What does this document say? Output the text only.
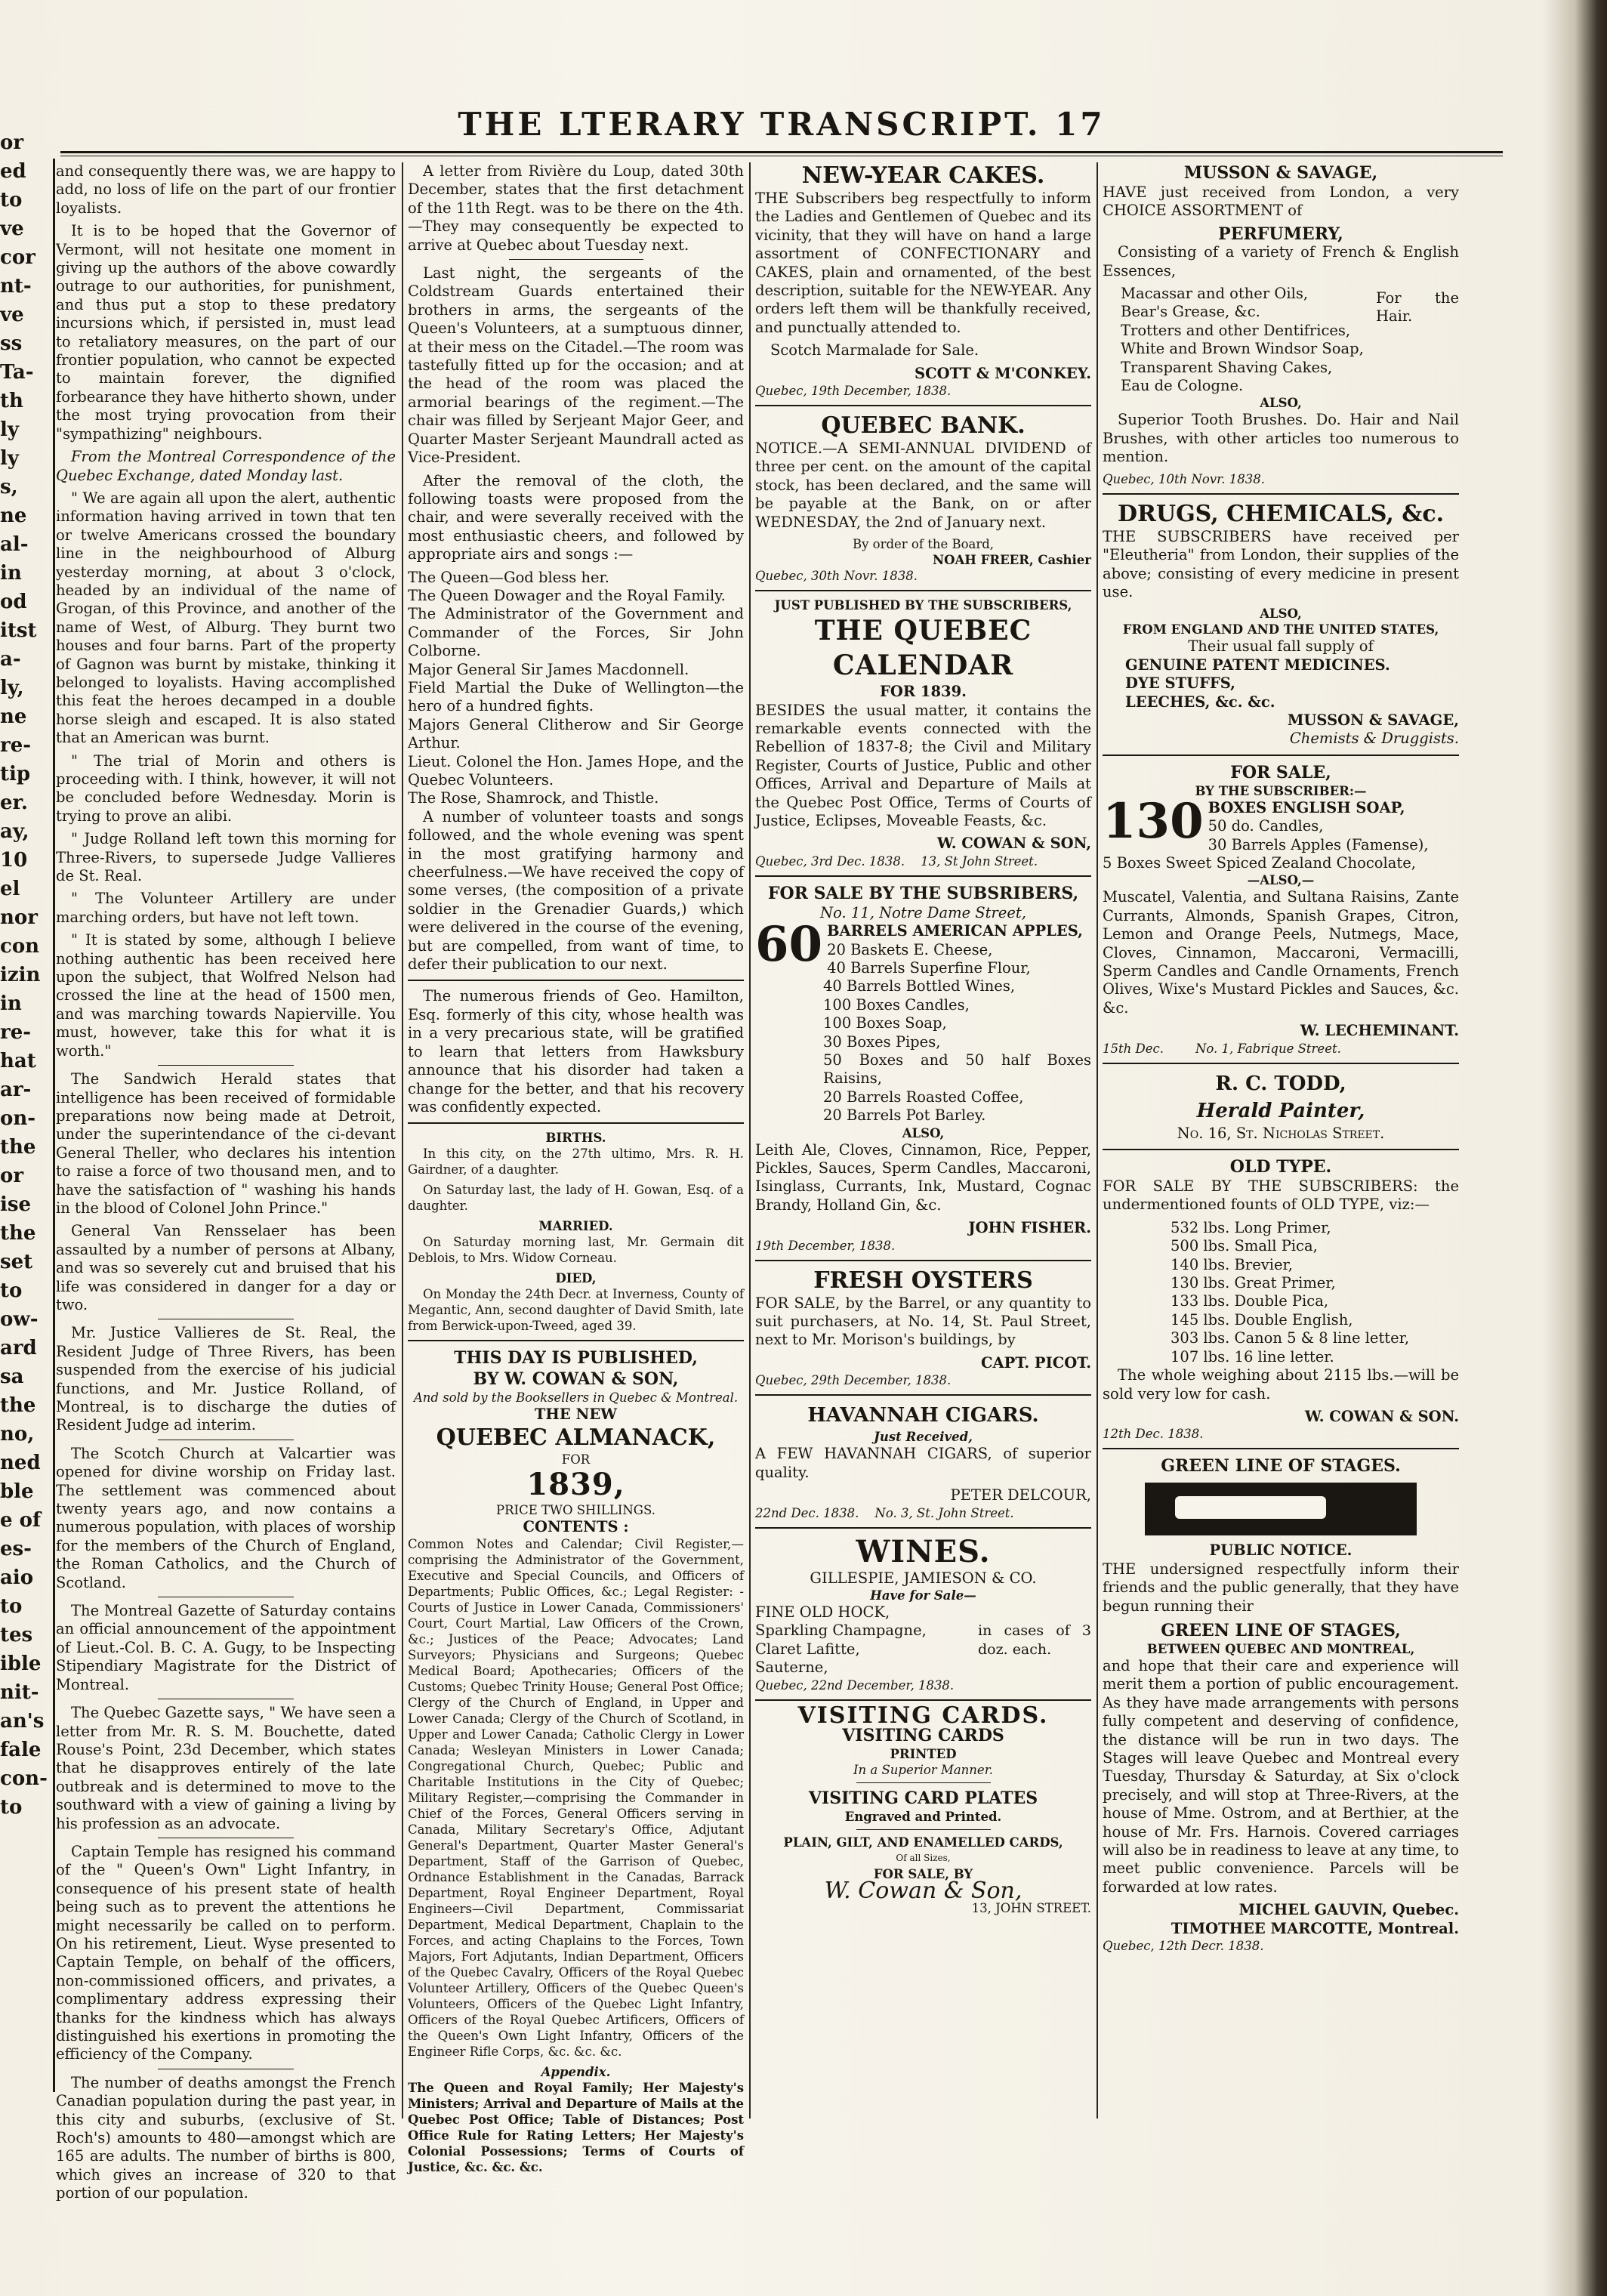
or
ed
to
ve
cor
nt-
ve
ss
Ta-
th
ly
ly
s,
ne
al-
in
od
itst
a-
ly,
ne
re-
tip
er.
ay,
10
el
nor
con
izin
in
re-
hat
ar-
on-
the
or
ise
the
set
to
ow-
ard
sa
the
no,
ned
ble
e of
es-
aio
to
tes
ible
nit-
an's
fale
con-
to
THE LTERARY TRANSCRIPT. 17

and consequently there was, we are happy to add, no loss of life on the part of our frontier loyalists.

It is to be hoped that the Governor of Vermont, will not hesitate one moment in giving up the authors of the above cowardly outrage to our authorities, for punishment, and thus put a stop to these predatory incursions which, if persisted in, must lead to retaliatory measures, on the part of our frontier population, who cannot be expected to maintain forever, the dignified forbearance they have hitherto shown, under the most trying provocation from their "sympathizing" neighbours.

From the Montreal Correspondence of the Quebec Exchange, dated Monday last.

" We are again all upon the alert, authentic information having arrived in town that ten or twelve Americans crossed the boundary line in the neighbourhood of Alburg yesterday morning, at about 3 o'clock, headed by an individual of the name of Grogan, of this Province, and another of the name of West, of Alburg. They burnt two houses and four barns. Part of the property of Gagnon was burnt by mistake, thinking it belonged to loyalists. Having accomplished this feat the heroes decamped in a double horse sleigh and escaped. It is also stated that an American was burnt.

" The trial of Morin and others is proceeding with. I think, however, it will not be concluded before Wednesday. Morin is trying to prove an alibi.

" Judge Rolland left town this morning for Three-Rivers, to supersede Judge Vallieres de St. Real.

" The Volunteer Artillery are under marching orders, but have not left town.

" It is stated by some, although I believe nothing authentic has been received here upon the subject, that Wolfred Nelson had crossed the line at the head of 1500 men, and was marching towards Napierville. You must, however, take this for what it is worth."

The Sandwich Herald states that intelligence has been received of formidable preparations now being made at Detroit, under the superintendance of the ci-devant General Theller, who declares his intention to raise a force of two thousand men, and to have the satisfaction of " washing his hands in the blood of Colonel John Prince."

General Van Rensselaer has been assaulted by a number of persons at Albany, and was so severely cut and bruised that his life was considered in danger for a day or two.

Mr. Justice Vallieres de St. Real, the Resident Judge of Three Rivers, has been suspended from the exercise of his judicial functions, and Mr. Justice Rolland, of Montreal, is to discharge the duties of Resident Judge ad interim.

The Scotch Church at Valcartier was opened for divine worship on Friday last. The settlement was commenced about twenty years ago, and now contains a numerous population, with places of worship for the members of the Church of England, the Roman Catholics, and the Church of Scotland.

The Montreal Gazette of Saturday contains an official announcement of the appointment of Lieut.-Col. B. C. A. Gugy, to be Inspecting Stipendiary Magistrate for the District of Montreal.

The Quebec Gazette says, " We have seen a letter from Mr. R. S. M. Bouchette, dated Rouse's Point, 23d December, which states that he disapproves entirely of the late outbreak and is determined to move to the southward with a view of gaining a living by his profession as an advocate.

Captain Temple has resigned his command of the " Queen's Own" Light Infantry, in consequence of his present state of health being such as to prevent the attentions he might necessarily be called on to perform. On his retirement, Lieut. Wyse presented to Captain Temple, on behalf of the officers, non-commissioned officers, and privates, a complimentary address expressing their thanks for the kindness which has always distinguished his exertions in promoting the efficiency of the Company.

The number of deaths amongst the French Canadian population during the past year, in this city and suburbs, (exclusive of St. Roch's) amounts to 480—amongst which are 165 are adults. The number of births is 800, which gives an increase of 320 to that portion of our population.

A letter from Rivière du Loup, dated 30th December, states that the first detachment of the 11th Regt. was to be there on the 4th.—They may consequently be expected to arrive at Quebec about Tuesday next.

Last night, the sergeants of the Coldstream Guards entertained their brothers in arms, the sergeants of the Queen's Volunteers, at a sumptuous dinner, at their mess on the Citadel.—The room was tastefully fitted up for the occasion; and at the head of the room was placed the armorial bearings of the regiment.—The chair was filled by Serjeant Major Geer, and Quarter Master Serjeant Maundrall acted as Vice-President.

After the removal of the cloth, the following toasts were proposed from the chair, and were severally received with the most enthusiastic cheers, and followed by appropriate airs and songs :—

The Queen—God bless her.
The Queen Dowager and the Royal Family.
The Administrator of the Government and Commander of the Forces, Sir John Colborne.
Major General Sir James Macdonnell.
Field Martial the Duke of Wellington—the hero of a hundred fights.
Majors General Clitherow and Sir George Arthur.
Lieut. Colonel the Hon. James Hope, and the Quebec Volunteers.
The Rose, Shamrock, and Thistle.

A number of volunteer toasts and songs followed, and the whole evening was spent in the most gratifying harmony and cheerfulness.—We have received the copy of some verses, (the composition of a private soldier in the Grenadier Guards,) which were delivered in the course of the evening, but are compelled, from want of time, to defer their publication to our next.

The numerous friends of Geo. Hamilton, Esq. formerly of this city, whose health was in a very precarious state, will be gratified to learn that letters from Hawksbury announce that his disorder had taken a change for the better, and that his recovery was confidently expected.

BIRTHS.

In this city, on the 27th ultimo, Mrs. R. H. Gairdner, of a daughter.

On Saturday last, the lady of H. Gowan, Esq. of a daughter.

MARRIED.

On Saturday morning last, Mr. Germain dit Deblois, to Mrs. Widow Corneau.

DIED,

On Monday the 24th Decr. at Inverness, County of Megantic, Ann, second daughter of David Smith, late from Berwick-upon-Tweed, aged 39.

THIS DAY IS PUBLISHED,
BY W. COWAN & SON,
And sold by the Booksellers in Quebec & Montreal.
THE NEW
QUEBEC ALMANACK,
FOR
1839,
PRICE TWO SHILLINGS.
CONTENTS :

Common Notes and Calendar; Civil Register,—comprising the Administrator of the Government, Executive and Special Councils, and Officers of Departments; Public Offices, &c.; Legal Register: - Courts of Justice in Lower Canada, Commissioners' Court, Court Martial, Law Officers of the Crown, &c.; Justices of the Peace; Advocates; Land Surveyors; Physicians and Surgeons; Quebec Medical Board; Apothecaries; Officers of the Customs; Quebec Trinity House; General Post Office; Clergy of the Church of England, in Upper and Lower Canada; Clergy of the Church of Scotland, in Upper and Lower Canada; Catholic Clergy in Lower Canada; Wesleyan Ministers in Lower Canada; Congregational Church, Quebec; Public and Charitable Institutions in the City of Quebec; Military Register,—comprising the Commander in Chief of the Forces, General Officers serving in Canada, Military Secretary's Office, Adjutant General's Department, Quarter Master General's Department, Staff of the Garrison of Quebec, Ordnance Establishment in the Canadas, Barrack Department, Royal Engineer Department, Royal Engineers—Civil Department, Commissariat Department, Medical Department, Chaplain to the Forces, and acting Chaplains to the Forces, Town Majors, Fort Adjutants, Indian Department, Officers of the Quebec Cavalry, Officers of the Royal Quebec Volunteer Artillery, Officers of the Quebec Queen's Volunteers, Officers of the Quebec Light Infantry, Officers of the Royal Quebec Artificers, Officers of the Queen's Own Light Infantry, Officers of the Engineer Rifle Corps, &c. &c. &c.

Appendix.

The Queen and Royal Family; Her Majesty's Ministers; Arrival and Departure of Mails at the Quebec Post Office; Table of Distances; Post Office Rule for Rating Letters; Her Majesty's Colonial Possessions; Terms of Courts of Justice, &c. &c. &c.

NEW-YEAR CAKES.

THE Subscribers beg respectfully to inform the Ladies and Gentlemen of Quebec and its vicinity, that they will have on hand a large assortment of CONFECTIONARY and CAKES, plain and ornamented, of the best description, suitable for the NEW-YEAR. Any orders left them will be thankfully received, and punctually attended to.

Scotch Marmalade for Sale.

SCOTT & M'CONKEY.
Quebec, 19th December, 1838.
QUEBEC BANK.

NOTICE.—A SEMI-ANNUAL DIVIDEND of three per cent. on the amount of the capital stock, has been declared, and the same will be payable at the Bank, on or after WEDNESDAY, the 2nd of January next.

By order of the Board,
NOAH FREER, Cashier
Quebec, 30th Novr. 1838.
JUST PUBLISHED BY THE SUBSCRIBERS,
THE QUEBEC CALENDAR
FOR 1839.

BESIDES the usual matter, it contains the remarkable events connected with the Rebellion of 1837-8; the Civil and Military Register, Courts of Justice, Public and other Offices, Arrival and Departure of Mails at the Quebec Post Office, Terms of Courts of Justice, Eclipses, Moveable Feasts, &c.

W. COWAN & SON,
Quebec, 3rd Dec. 1838. 13, St John Street.
FOR SALE BY THE SUBSRIBERS,
No. 11, Notre Dame Street,
60 BARRELS AMERICAN APPLES,
20 Baskets E. Cheese,
40 Barrels Superfine Flour,
40 Barrels Bottled Wines,
100 Boxes Candles,
100 Boxes Soap,
30 Boxes Pipes,
50 Boxes and 50 half Boxes Raisins,
20 Barrels Roasted Coffee,
20 Barrels Pot Barley.
ALSO,

Leith Ale, Cloves, Cinnamon, Rice, Pepper, Pickles, Sauces, Sperm Candles, Maccaroni, Isinglass, Currants, Ink, Mustard, Cognac Brandy, Holland Gin, &c.

JOHN FISHER.
19th December, 1838.
FRESH OYSTERS

FOR SALE, by the Barrel, or any quantity to suit purchasers, at No. 14, St. Paul Street, next to Mr. Morison's buildings, by

CAPT. PICOT.
Quebec, 29th December, 1838.
HAVANNAH CIGARS.
Just Received,

A FEW HAVANNAH CIGARS, of superior quality.

PETER DELCOUR,
22nd Dec. 1838. No. 3, St. John Street.
WINES.
GILLESPIE, JAMIESON & CO.
Have for Sale—
FINE OLD HOCK,
Sparkling Champagne,
Claret Lafitte,
Sauterne,
in cases of 3 doz. each.
Quebec, 22nd December, 1838.
VISITING CARDS.
VISITING CARDS
PRINTED
In a Superior Manner.
VISITING CARD PLATES
Engraved and Printed.
PLAIN, GILT, AND ENAMELLED CARDS,
Of all Sizes,
FOR SALE, BY
W. Cowan & Son,
13, JOHN STREET.
MUSSON & SAVAGE,

HAVE just received from London, a very CHOICE ASSORTMENT of

PERFUMERY,

Consisting of a variety of French & English Essences,

Macassar and other Oils,
Bear's Grease, &c.
Trotters and other Dentifrices,
White and Brown Windsor Soap,
Transparent Shaving Cakes,
Eau de Cologne.
For the Hair.
ALSO,

Superior Tooth Brushes. Do. Hair and Nail Brushes, with other articles too numerous to mention.

Quebec, 10th Novr. 1838.
DRUGS, CHEMICALS, &c.

THE SUBSCRIBERS have received per "Eleutheria" from London, their supplies of the above; consisting of every medicine in present use.

ALSO,
FROM ENGLAND AND THE UNITED STATES,
Their usual fall supply of
GENUINE PATENT MEDICINES.
DYE STUFFS,
LEECHES, &c. &c.
MUSSON & SAVAGE,
Chemists & Druggists.
FOR SALE,
BY THE SUBSCRIBER:—
130 BOXES ENGLISH SOAP,
50 do. Candles,
30 Barrels Apples (Famense),
5 Boxes Sweet Spiced Zealand Chocolate,
—ALSO,—

Muscatel, Valentia, and Sultana Raisins, Zante Currants, Almonds, Spanish Grapes, Citron, Lemon and Orange Peels, Nutmegs, Mace, Cloves, Cinnamon, Maccaroni, Vermacilli, Sperm Candles and Candle Ornaments, French Olives, Wixe's Mustard Pickles and Sauces, &c. &c.

W. LECHEMINANT.
15th Dec.	No. 1, Fabrique Street.
R. C. TODD,
Herald Painter,
No. 16, St. Nicholas Street.
OLD TYPE.

FOR SALE BY THE SUBSCRIBERS: the undermentioned founts of OLD TYPE, viz:—

532 lbs. Long Primer,
500 lbs. Small Pica,
140 lbs. Brevier,
130 lbs. Great Primer,
133 lbs. Double Pica,
145 lbs. Double English,
303 lbs. Canon 5 & 8 line letter,
107 lbs. 16 line letter.

The whole weighing about 2115 lbs.—will be sold very low for cash.

W. COWAN & SON.
12th Dec. 1838.
GREEN LINE OF STAGES.
PUBLIC NOTICE.

THE undersigned respectfully inform their friends and the public generally, that they have begun running their

GREEN LINE OF STAGES,
BETWEEN QUEBEC AND MONTREAL,

and hope that their care and experience will merit them a portion of public encouragement. As they have made arrangements with persons fully competent and deserving of confidence, the distance will be run in two days. The Stages will leave Quebec and Montreal every Tuesday, Thursday & Saturday, at Six o'clock precisely, and will stop at Three-Rivers, at the house of Mme. Ostrom, and at Berthier, at the house of Mr. Frs. Harnois. Covered carriages will also be in readiness to leave at any time, to meet public convenience. Parcels will be forwarded at low rates.

MICHEL GAUVIN, Quebec.
TIMOTHEE MARCOTTE, Montreal.
Quebec, 12th Decr. 1838.
